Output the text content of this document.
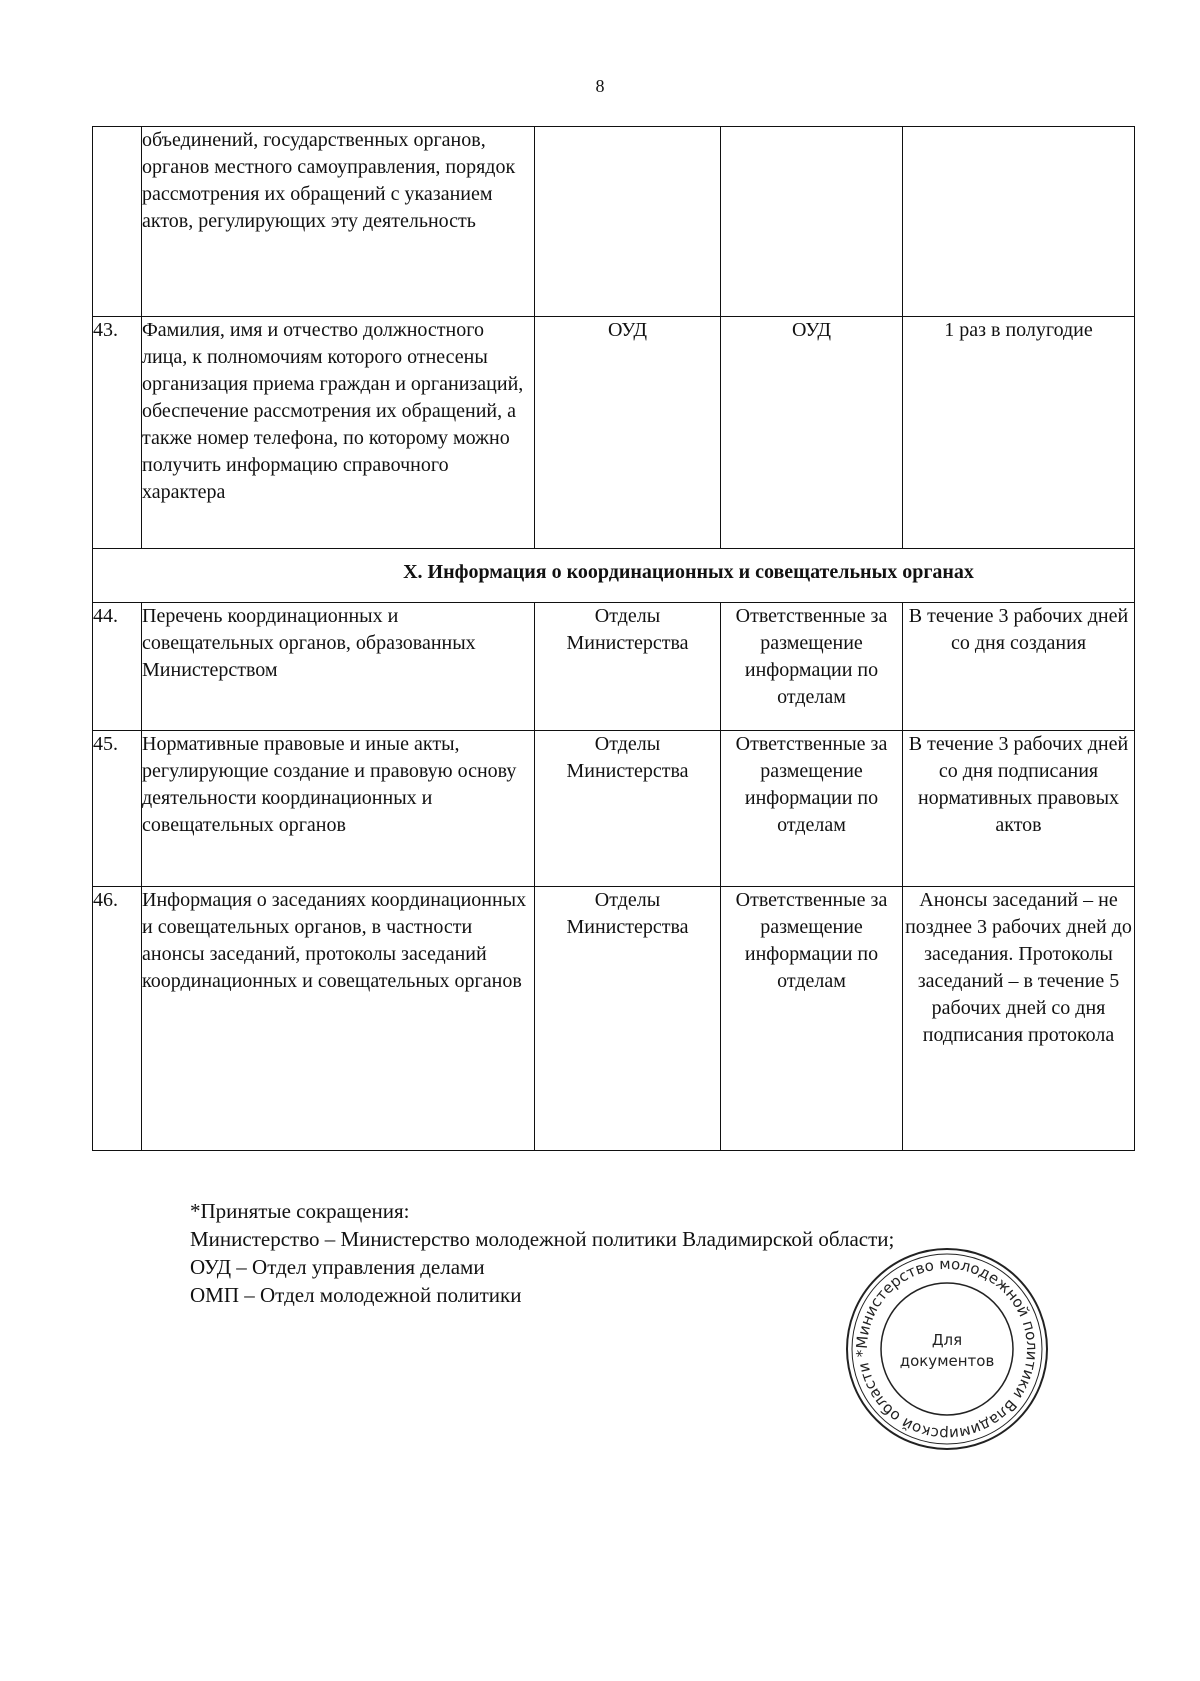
8
	объединений, государственных органов, органов местного самоуправления, порядок рассмотрения их обращений с указанием актов, регулирующих эту деятельность			
43.	Фамилия, имя и отчество должностного лица, к полномочиям которого отнесены организация приема граждан и организаций, обеспечение рассмотрения их обращений, а также номер телефона, по которому можно получить информацию справочного характера	ОУД	ОУД	1 раз в полугодие
X. Информация о координационных и совещательных органах				
44.	Перечень координационных и совещательных органов, образованных Министерством	Отделы Министерства	Ответственные за размещение информации по отделам	В течение 3 рабочих дней со дня создания
45.	Нормативные правовые и иные акты, регулирующие создание и правовую основу деятельности координационных и совещательных органов	Отделы Министерства	Ответственные за размещение информации по отделам	В течение 3 рабочих дней со дня подписания нормативных правовых актов
46.	Информация о заседаниях координационных и совещательных органов, в частности анонсы заседаний, протоколы заседаний координационных и совещательных органов	Отделы Министерства	Ответственные за размещение информации по отделам	Анонсы заседаний – не позднее 3 рабочих дней до заседания. Протоколы заседаний – в течение 5 рабочих дней со дня подписания протокола
*Принятые сокращения:
Министерство – Министерство молодежной политики Владимирской области;
ОУД – Отдел управления делами
ОМП – Отдел молодежной политики
Министерство молодежной политики Владимирской области *
Для
документов
